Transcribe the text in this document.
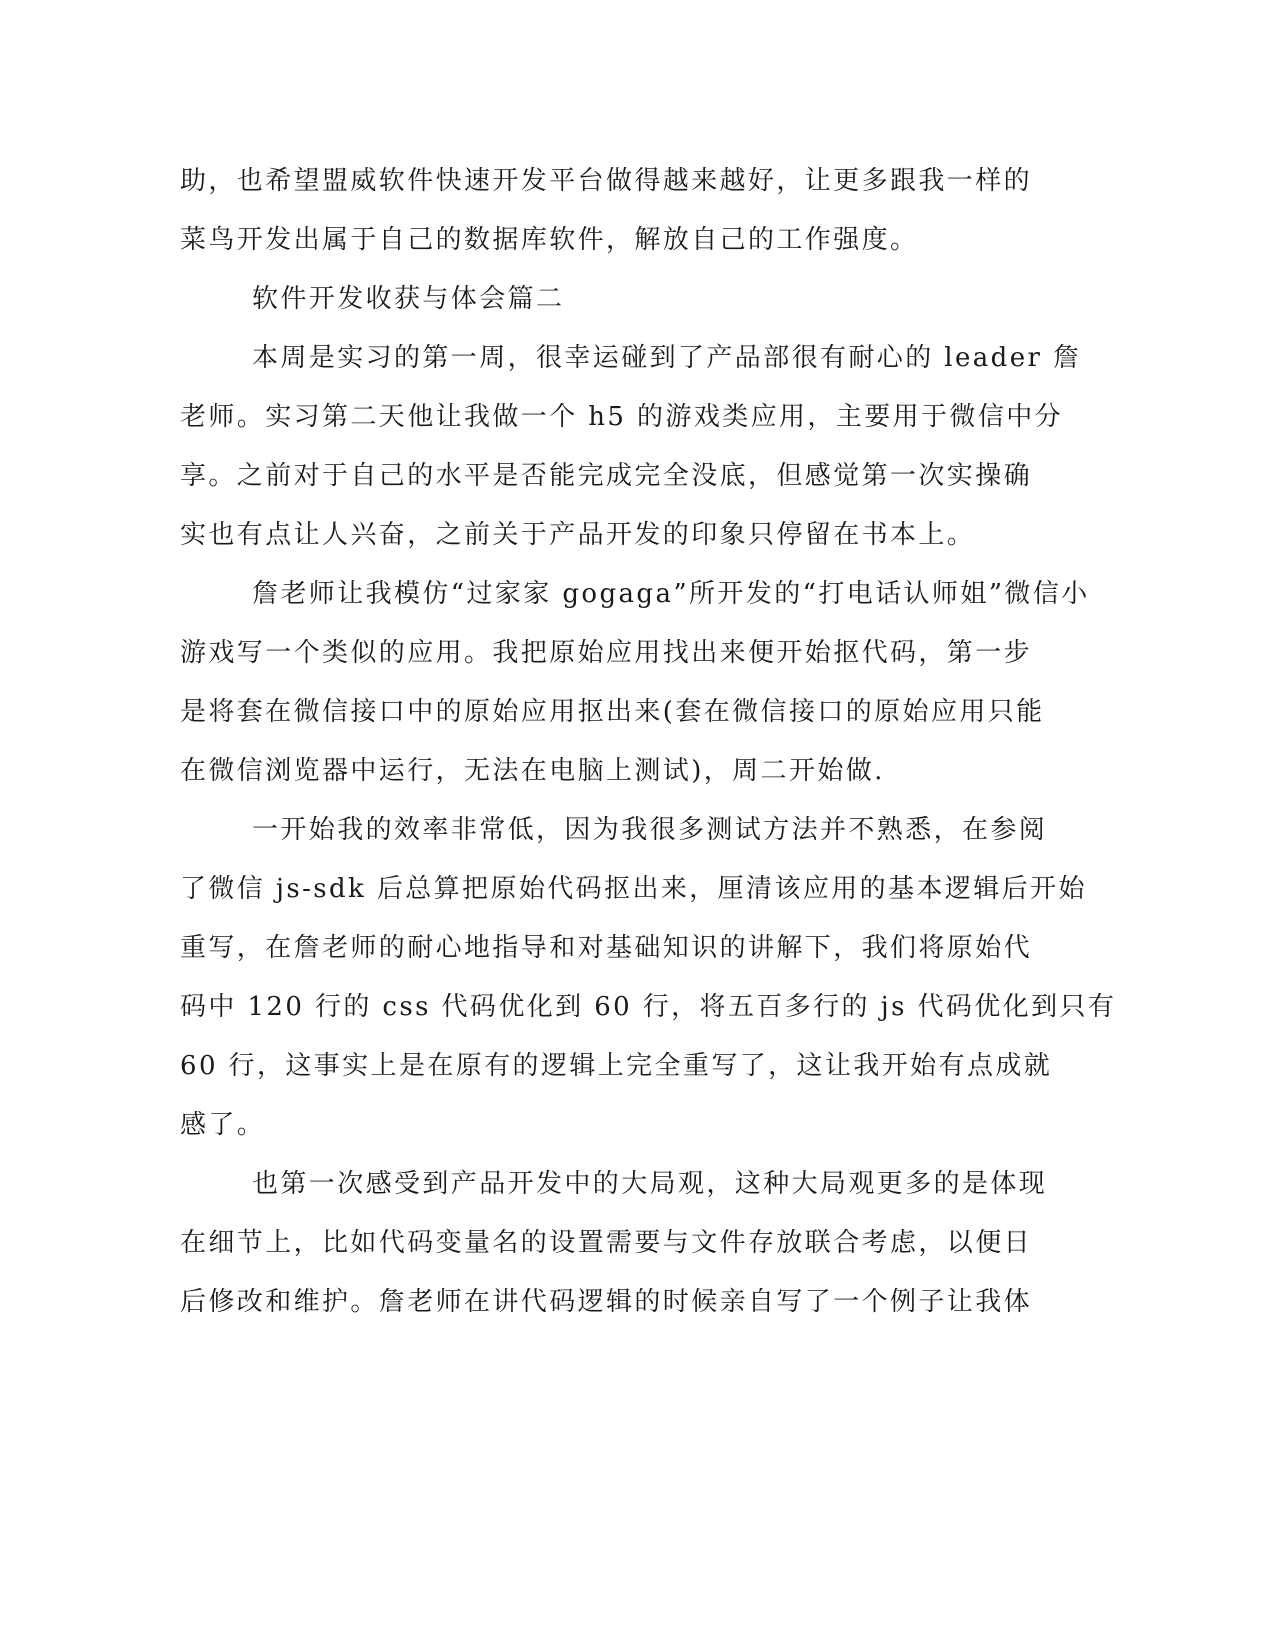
助，也希望盟威软件快速开发平台做得越来越好，让更多跟我一样的
菜鸟开发出属于自己的数据库软件，解放自己的工作强度。
软件开发收获与体会篇二
本周是实习的第一周，很幸运碰到了产品部很有耐心的 leader 詹
老师。实习第二天他让我做一个 h5 的游戏类应用，主要用于微信中分
享。之前对于自己的水平是否能完成完全没底，但感觉第一次实操确
实也有点让人兴奋，之前关于产品开发的印象只停留在书本上。
詹老师让我模仿“过家家 gogaga”所开发的“打电话认师姐”微信小
游戏写一个类似的应用。我把原始应用找出来便开始抠代码，第一步
是将套在微信接口中的原始应用抠出来(套在微信接口的原始应用只能
在微信浏览器中运行，无法在电脑上测试)，周二开始做.
一开始我的效率非常低，因为我很多测试方法并不熟悉，在参阅
了微信 js-sdk 后总算把原始代码抠出来，厘清该应用的基本逻辑后开始
重写，在詹老师的耐心地指导和对基础知识的讲解下，我们将原始代
码中 120 行的 css 代码优化到 60 行，将五百多行的 js 代码优化到只有
60 行，这事实上是在原有的逻辑上完全重写了，这让我开始有点成就
感了。
也第一次感受到产品开发中的大局观，这种大局观更多的是体现
在细节上，比如代码变量名的设置需要与文件存放联合考虑，以便日
后修改和维护。詹老师在讲代码逻辑的时候亲自写了一个例子让我体
